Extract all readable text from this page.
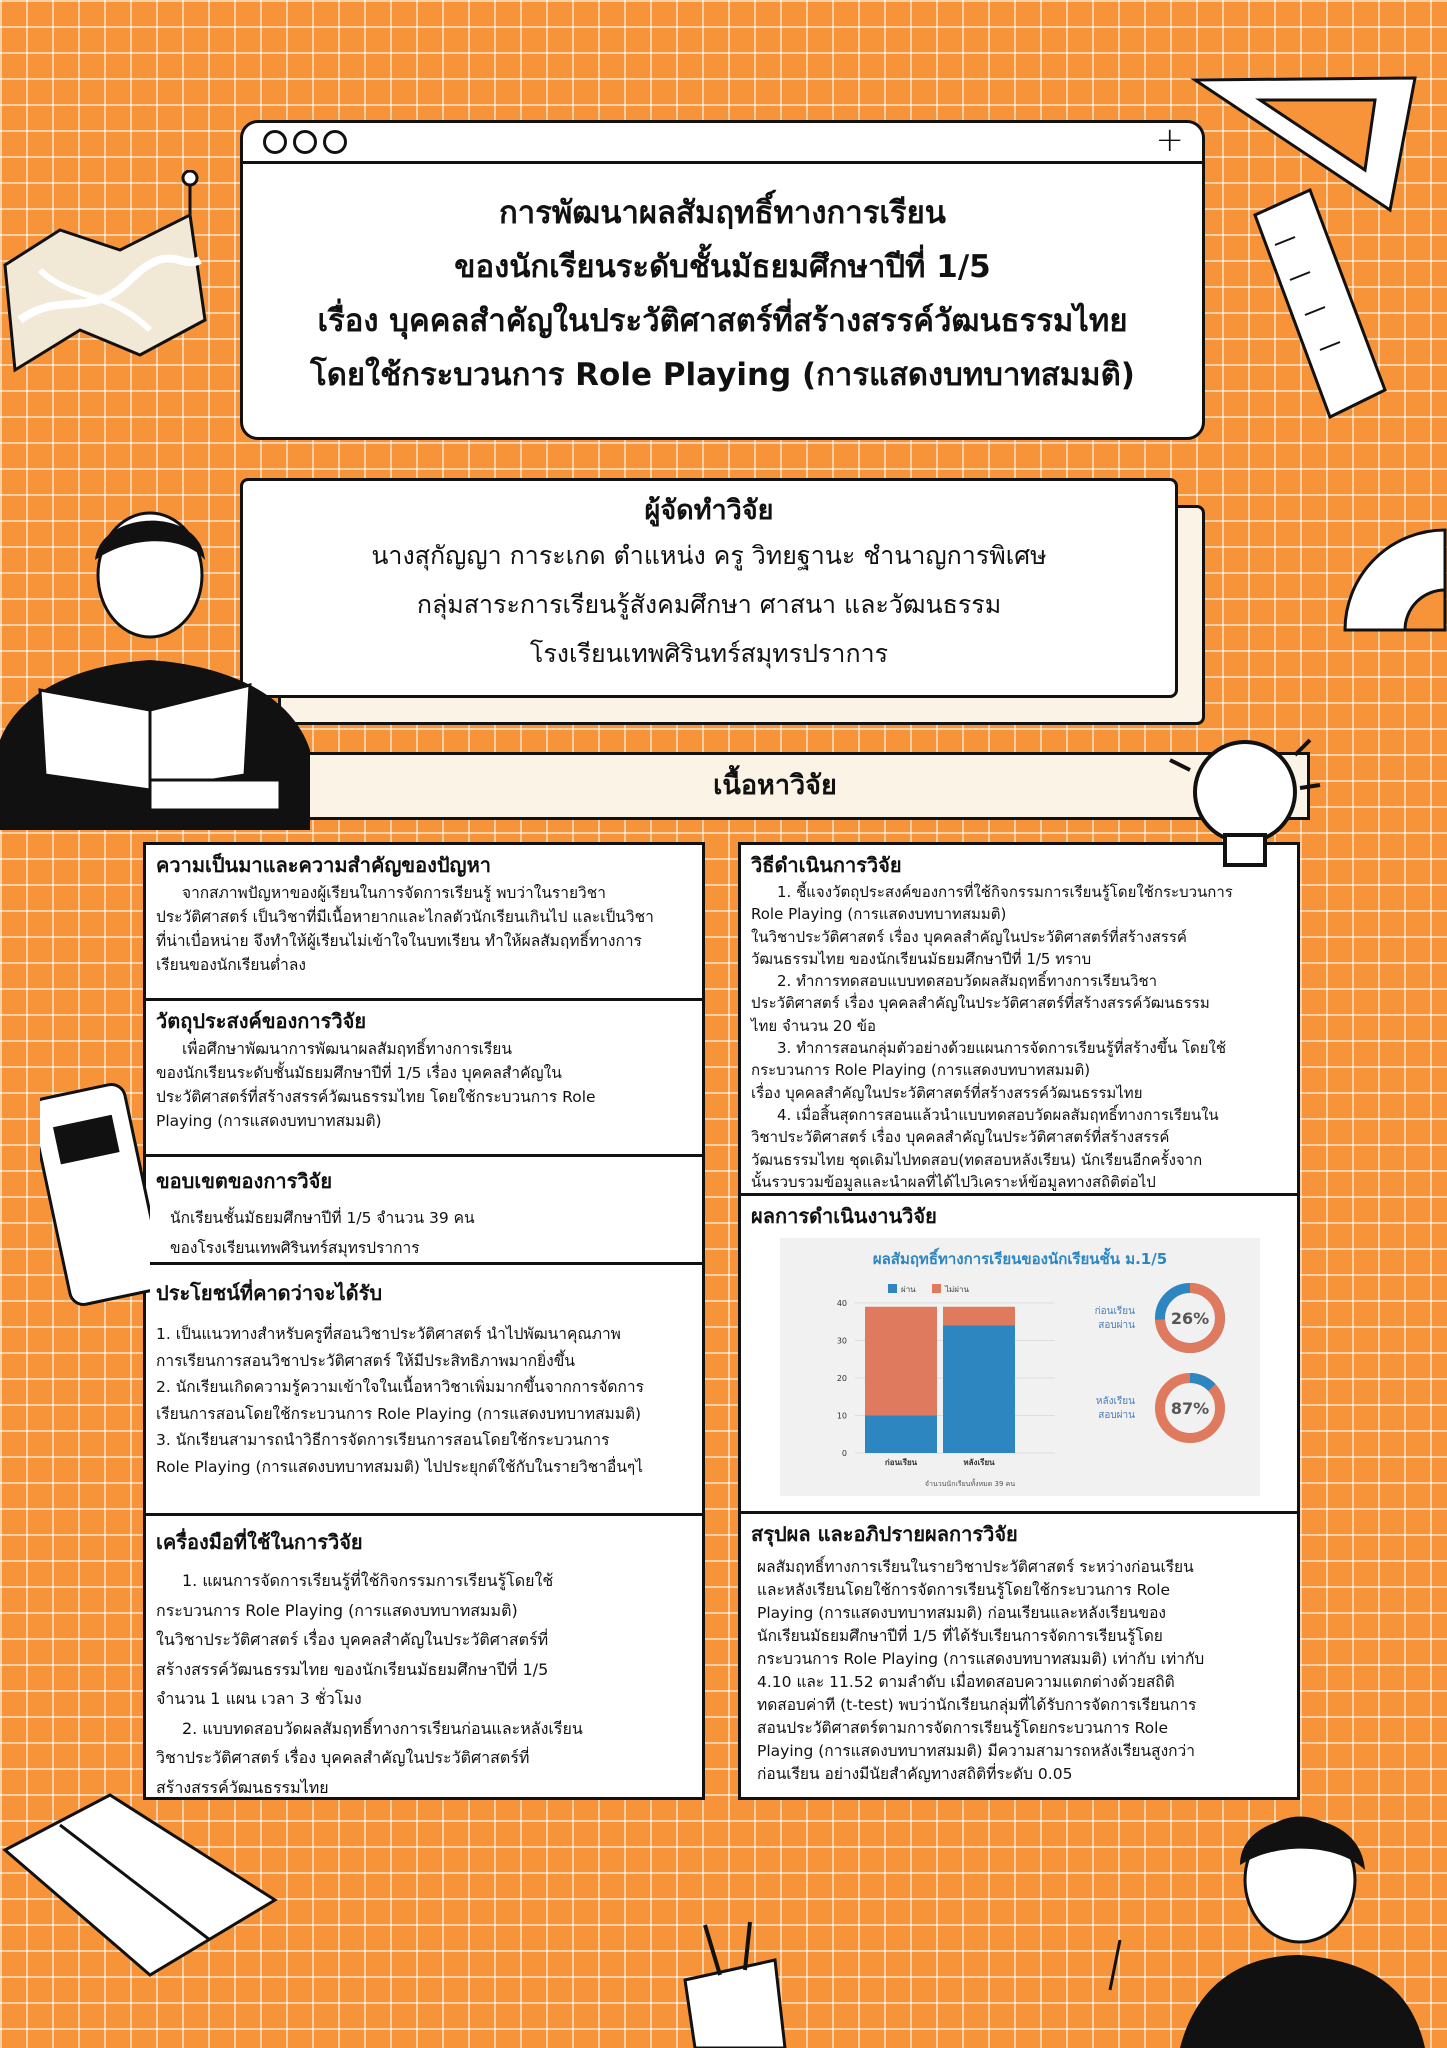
+
การพัฒนาผลสัมฤทธิ์ทางการเรียน
ของนักเรียนระดับชั้นมัธยมศึกษาปีที่ 1/5
เรื่อง บุคคลสำคัญในประวัติศาสตร์ที่สร้างสรรค์วัฒนธรรมไทย
โดยใช้กระบวนการ Role Playing (การแสดงบทบาทสมมติ)
ผู้จัดทำวิจัย
นางสุกัญญา การะเกด ตำแหน่ง ครู วิทยฐานะ ชำนาญการพิเศษ
กลุ่มสาระการเรียนรู้สังคมศึกษา ศาสนา และวัฒนธรรม
โรงเรียนเทพศิรินทร์สมุทรปราการ
เนื้อหาวิจัย
ความเป็นมาและความสำคัญของปัญหา
จากสภาพปัญหาของผู้เรียนในการจัดการเรียนรู้ พบว่าในรายวิชา
ประวัติศาสตร์ เป็นวิชาที่มีเนื้อหายากและไกลตัวนักเรียนเกินไป และเป็นวิชา
ที่น่าเบื่อหน่าย จึงทำให้ผู้เรียนไม่เข้าใจในบทเรียน ทำให้ผลสัมฤทธิ์ทางการ
เรียนของนักเรียนต่ำลง
วัตถุประสงค์ของการวิจัย
เพื่อศึกษาพัฒนาการพัฒนาผลสัมฤทธิ์ทางการเรียน
ของนักเรียนระดับชั้นมัธยมศึกษาปีที่ 1/5 เรื่อง บุคคลสำคัญใน
ประวัติศาสตร์ที่สร้างสรรค์วัฒนธรรมไทย โดยใช้กระบวนการ Role
Playing (การแสดงบทบาทสมมติ)
ขอบเขตของการวิจัย
นักเรียนชั้นมัธยมศึกษาปีที่ 1/5 จำนวน 39 คน
ของโรงเรียนเทพศิรินทร์สมุทรปราการ
ประโยชน์ที่คาดว่าจะได้รับ
1. เป็นแนวทางสำหรับครูที่สอนวิชาประวัติศาสตร์ นำไปพัฒนาคุณภาพ
การเรียนการสอนวิชาประวัติศาสตร์ ให้มีประสิทธิภาพมากยิ่งขึ้น
2. นักเรียนเกิดความรู้ความเข้าใจในเนื้อหาวิชาเพิ่มมากขึ้นจากการจัดการ
เรียนการสอนโดยใช้กระบวนการ Role Playing (การแสดงบทบาทสมมติ)
3. นักเรียนสามารถนำวิธีการจัดการเรียนการสอนโดยใช้กระบวนการ
Role Playing (การแสดงบทบาทสมมติ) ไปประยุกต์ใช้กับในรายวิชาอื่นๆไ
เครื่องมือที่ใช้ในการวิจัย
1. แผนการจัดการเรียนรู้ที่ใช้กิจกรรมการเรียนรู้โดยใช้
กระบวนการ Role Playing (การแสดงบทบาทสมมติ)
ในวิชาประวัติศาสตร์ เรื่อง บุคคลสำคัญในประวัติศาสตร์ที่
สร้างสรรค์วัฒนธรรมไทย ของนักเรียนมัธยมศึกษาปีที่ 1/5
จำนวน 1 แผน เวลา 3 ชั่วโมง
2. แบบทดสอบวัดผลสัมฤทธิ์ทางการเรียนก่อนและหลังเรียน
วิชาประวัติศาสตร์ เรื่อง บุคคลสำคัญในประวัติศาสตร์ที่
สร้างสรรค์วัฒนธรรมไทย
วิธีดำเนินการวิจัย
1. ชี้แจงวัตถุประสงค์ของการที่ใช้กิจกรรมการเรียนรู้โดยใช้กระบวนการ
Role Playing (การแสดงบทบาทสมมติ)
ในวิชาประวัติศาสตร์ เรื่อง บุคคลสำคัญในประวัติศาสตร์ที่สร้างสรรค์
วัฒนธรรมไทย ของนักเรียนมัธยมศึกษาปีที่ 1/5 ทราบ
2. ทำการทดสอบแบบทดสอบวัดผลสัมฤทธิ์ทางการเรียนวิชา
ประวัติศาสตร์ เรื่อง บุคคลสำคัญในประวัติศาสตร์ที่สร้างสรรค์วัฒนธรรม
ไทย จำนวน 20 ข้อ
3. ทำการสอนกลุ่มตัวอย่างด้วยแผนการจัดการเรียนรู้ที่สร้างขึ้น โดยใช้
กระบวนการ Role Playing (การแสดงบทบาทสมมติ)
เรื่อง บุคคลสำคัญในประวัติศาสตร์ที่สร้างสรรค์วัฒนธรรมไทย
4. เมื่อสิ้นสุดการสอนแล้วนำแบบทดสอบวัดผลสัมฤทธิ์ทางการเรียนใน
วิชาประวัติศาสตร์ เรื่อง บุคคลสำคัญในประวัติศาสตร์ที่สร้างสรรค์
วัฒนธรรมไทย ชุดเดิมไปทดสอบ(ทดสอบหลังเรียน) นักเรียนอีกครั้งจาก
นั้นรวบรวมข้อมูลและนำผลที่ได้ไปวิเคราะห์ข้อมูลทางสถิติต่อไป
ผลการดำเนินงานวิจัย
สรุปผล และอภิปรายผลการวิจัย
ผลสัมฤทธิ์ทางการเรียนในรายวิชาประวัติศาสตร์ ระหว่างก่อนเรียน
และหลังเรียนโดยใช้การจัดการเรียนรู้โดยใช้กระบวนการ Role
Playing (การแสดงบทบาทสมมติ) ก่อนเรียนและหลังเรียนของ
นักเรียนมัธยมศึกษาปีที่ 1/5 ที่ได้รับเรียนการจัดการเรียนรู้โดย
กระบวนการ Role Playing (การแสดงบทบาทสมมติ) เท่ากับ เท่ากับ
4.10 และ 11.52 ตามลำดับ เมื่อทดสอบความแตกต่างด้วยสถิติ
ทดสอบค่าที (t-test) พบว่านักเรียนกลุ่มที่ได้รับการจัดการเรียนการ
สอนประวัติศาสตร์ตามการจัดการเรียนรู้โดยกระบวนการ Role
Playing (การแสดงบทบาทสมมติ) มีความสามารถหลังเรียนสูงกว่า
ก่อนเรียน อย่างมีนัยสำคัญทางสถิติที่ระดับ 0.05
ผลสัมฤทธิ์ทางการเรียนของนักเรียนชั้น ม.1/5
ผ่าน	ไม่ผ่าน
0
10
20
30
40
ก่อนเรียน	หลังเรียน
จำนวนนักเรียนทั้งหมด 39 คน
ก่อนเรียน
สอบผ่าน 26%
หลังเรียน
สอบผ่าน 87%
